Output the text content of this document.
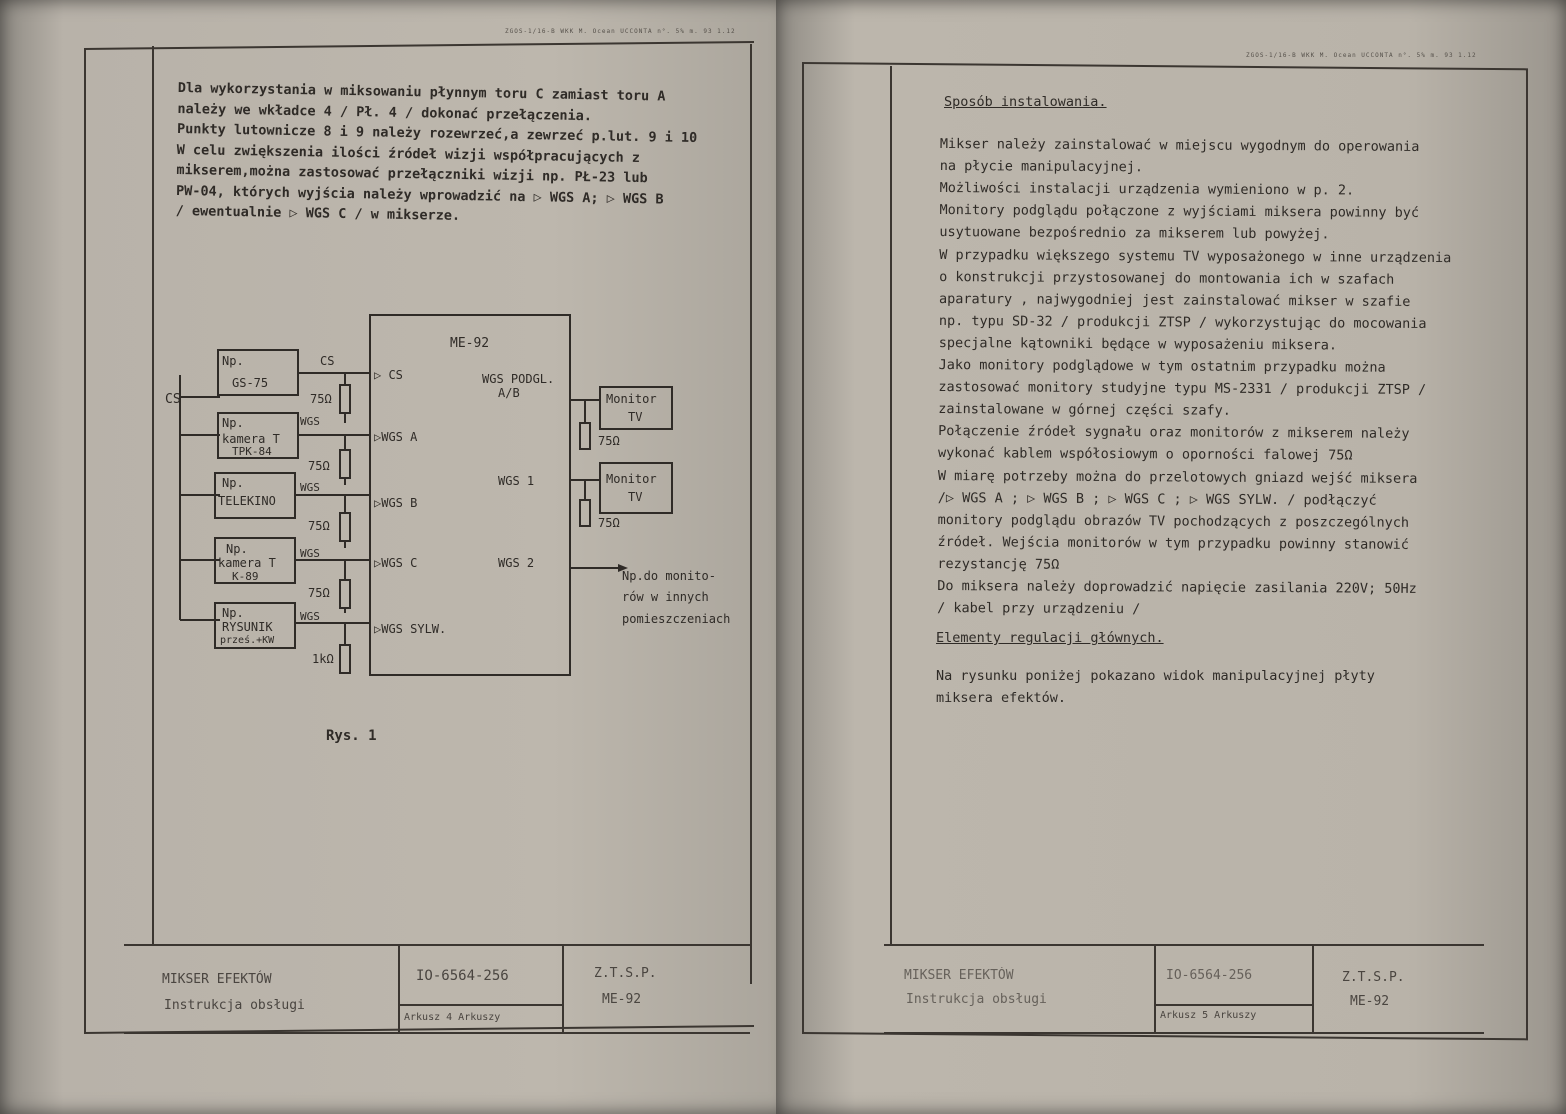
ZGOS-1/16-B WKK M. Ocean UCCONTA n°. 5% m. 93 1.12
Dla wykorzystania w miksowaniu płynnym toru C zamiast toru A
należy we wkładce 4 / Pł. 4 / dokonać przełączenia.
Punkty lutownicze 8 i 9 należy rozewrzeć,a zewrzeć p.lut. 9 i 10
W celu zwiększenia ilości źródeł wizji współpracujących z
mikserem,można zastosować przełączniki wizji np. PŁ-23 lub
PW-04, których wyjścia należy wprowadzić na ▷ WGS A; ▷ WGS B
/ ewentualnie ▷ WGS C / w mikserze.
ME-92
CS
Np.
GS-75
Np.
kamera T
TPK-84
Np.
TELEKINO
Np.
kamera T
K-89
Np.
RYSUNIK
prześ.+KW
CS
WGS
WGS
WGS
WGS
75Ω
75Ω
75Ω
75Ω
1kΩ
▷ CS
▷WGS A
▷WGS B
▷WGS C
▷WGS SYLW.
WGS PODGL.
A/B
WGS 1
WGS 2
Monitor
TV
75Ω
Monitor
TV
75Ω
Np.do monito-
rów w innych
pomieszczeniach
Rys. 1
MIKSER EFEKTÓW
Instrukcja obsługi
IO-6564-256
Arkusz 4 Arkuszy
Z.T.S.P.
ME-92
ZGOS-1/16-B WKK M. Ocean UCCONTA n°. 5% m. 93 1.12
Sposób instalowania.
Mikser należy zainstalować w miejscu wygodnym do operowania
na płycie manipulacyjnej.
Możliwości instalacji urządzenia wymieniono w p. 2.
Monitory podglądu połączone z wyjściami miksera powinny być
usytuowane bezpośrednio za mikserem lub powyżej.
W przypadku większego systemu TV wyposażonego w inne urządzenia
o konstrukcji przystosowanej do montowania ich w szafach
aparatury , najwygodniej jest zainstalować mikser w szafie
np. typu SD-32 / produkcji ZTSP / wykorzystując do mocowania
specjalne kątowniki będące w wyposażeniu miksera.
Jako monitory podglądowe w tym ostatnim przypadku można
zastosować monitory studyjne typu MS-2331 / produkcji ZTSP /
zainstalowane w górnej części szafy.
Połączenie źródeł sygnału oraz monitorów z mikserem należy
wykonać kablem współosiowym o oporności falowej 75Ω
W miarę potrzeby można do przelotowych gniazd wejść miksera
/▷ WGS A ; ▷ WGS B ; ▷ WGS C ; ▷ WGS SYLW. / podłączyć
monitory podglądu obrazów TV pochodzących z poszczególnych
źródeł. Wejścia monitorów w tym przypadku powinny stanowić
rezystancję 75Ω
Do miksera należy doprowadzić napięcie zasilania 220V; 50Hz
/ kabel przy urządzeniu /
Elementy regulacji głównych.
Na rysunku poniżej pokazano widok manipulacyjnej płyty
miksera efektów.
MIKSER EFEKTÓW
Instrukcja obsługi
IO-6564-256
Arkusz 5 Arkuszy
Z.T.S.P.
ME-92
